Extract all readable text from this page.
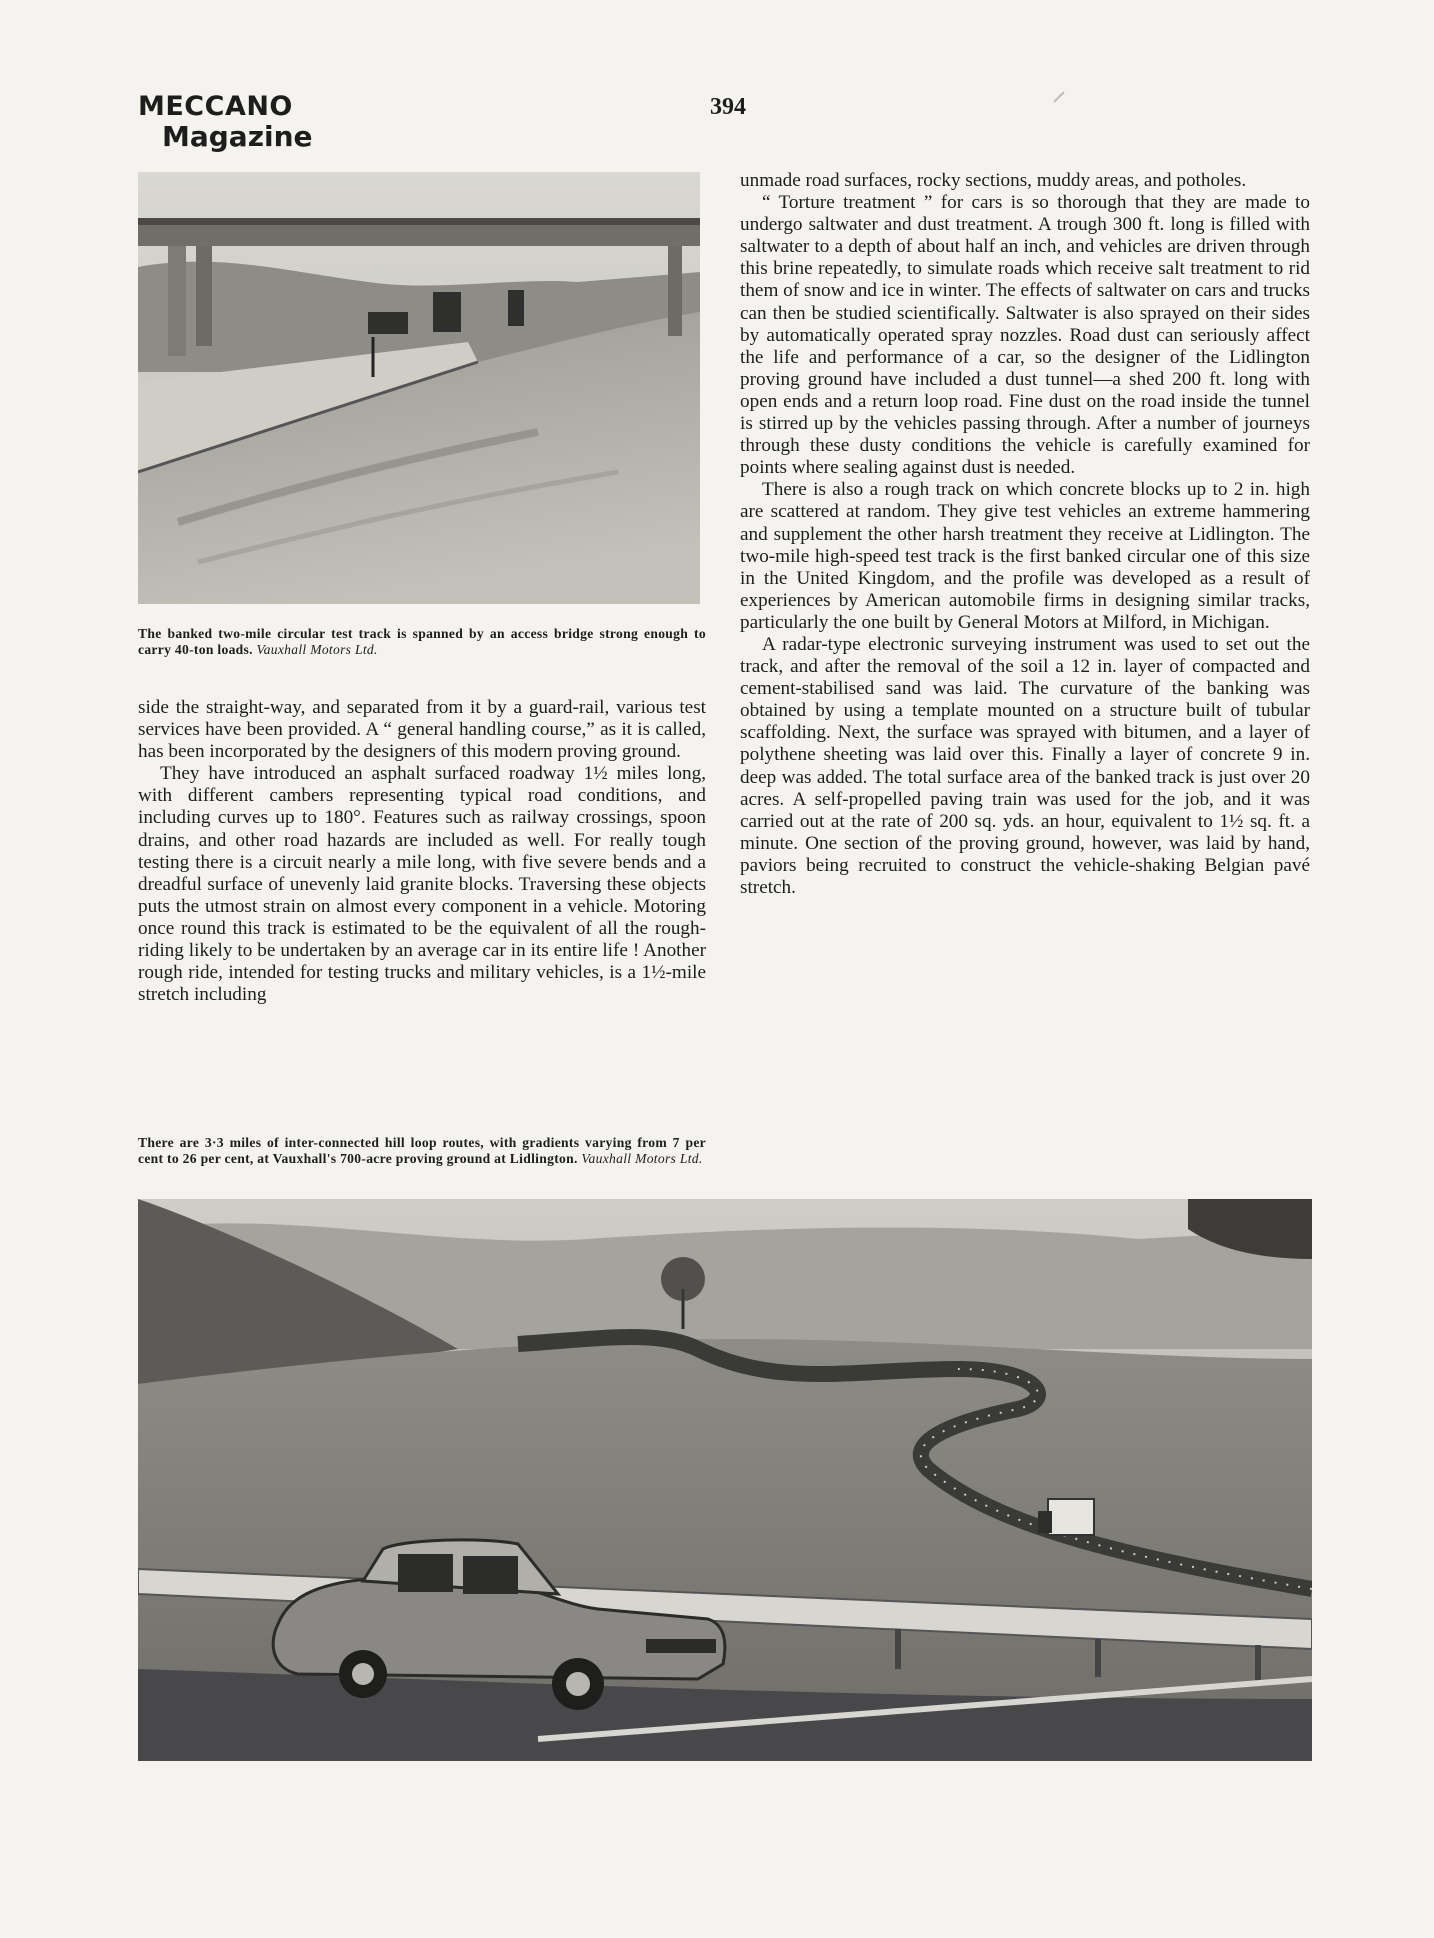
MECCANO
Magazine
394
The banked two-mile circular test track is spanned by an access bridge strong enough to carry 40-ton loads. Vauxhall Motors Ltd.

side the straight-way, and separated from it by a guard-rail, various test services have been provided. A “ general handling course,” as it is called, has been incorporated by the designers of this modern proving ground.

They have introduced an asphalt surfaced roadway 1½ miles long, with different cambers representing typical road conditions, and including curves up to 180°. Features such as railway crossings, spoon drains, and other road hazards are included as well. For really tough testing there is a circuit nearly a mile long, with five severe bends and a dreadful surface of unevenly laid granite blocks. Traversing these objects puts the utmost strain on almost every component in a vehicle. Motoring once round this track is estimated to be the equivalent of all the rough-riding likely to be undertaken by an average car in its entire life ! Another rough ride, intended for testing trucks and military vehicles, is a 1½-mile stretch including

There are 3·3 miles of inter-connected hill loop routes, with gradients varying from 7 per cent to 26 per cent, at Vauxhall's 700-acre proving ground at Lidlington. Vauxhall Motors Ltd.

unmade road surfaces, rocky sections, muddy areas, and potholes.

“ Torture treatment ” for cars is so thorough that they are made to undergo saltwater and dust treatment. A trough 300 ft. long is filled with saltwater to a depth of about half an inch, and vehicles are driven through this brine repeatedly, to simulate roads which receive salt treatment to rid them of snow and ice in winter. The effects of saltwater on cars and trucks can then be studied scientifically. Saltwater is also sprayed on their sides by automatically operated spray nozzles. Road dust can seriously affect the life and performance of a car, so the designer of the Lidlington proving ground have included a dust tunnel—a shed 200 ft. long with open ends and a return loop road. Fine dust on the road inside the tunnel is stirred up by the vehicles passing through. After a number of journeys through these dusty conditions the vehicle is carefully examined for points where sealing against dust is needed.

There is also a rough track on which concrete blocks up to 2 in. high are scattered at random. They give test vehicles an extreme hammering and supplement the other harsh treatment they receive at Lidlington. The two-mile high-speed test track is the first banked circular one of this size in the United Kingdom, and the profile was developed as a result of experiences by American automobile firms in designing similar tracks, particularly the one built by General Motors at Milford, in Michigan.

A radar-type electronic surveying instrument was used to set out the track, and after the removal of the soil a 12 in. layer of compacted and cement-stabilised sand was laid. The curvature of the banking was obtained by using a template mounted on a structure built of tubular scaffolding. Next, the surface was sprayed with bitumen, and a layer of polythene sheeting was laid over this. Finally a layer of concrete 9 in. deep was added. The total surface area of the banked track is just over 20 acres. A self-propelled paving train was used for the job, and it was carried out at the rate of 200 sq. yds. an hour, equivalent to 1½ sq. ft. a minute. One section of the proving ground, however, was laid by hand, paviors being recruited to construct the vehicle-shaking Belgian pavé stretch.
